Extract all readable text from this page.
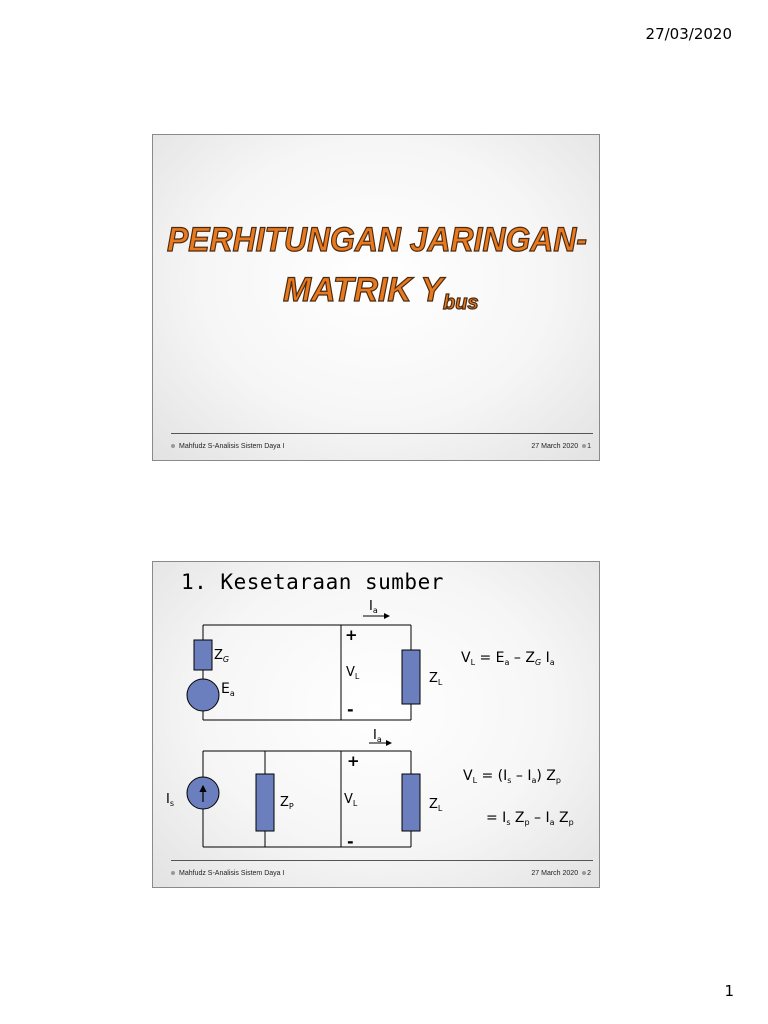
27/03/2020
PERHITUNGAN JARINGAN-
MATRIK Y
bus
Mahfudz S-Analisis Sistem Daya I	27 March 2020 1
1. Kesetaraan sumber
$I_a$
$Z_G$
$E_a$
+
-
$V_L$	$Z_L$
$V_L = E_a - Z_G$ $I_a$
$I_a$
$I_s$	$Z_P$
+
-
$V_L$	$Z_L$
$V_L = (I_s - I_a)$ $Z_p$
= $I_s$ $Z_p - I_a$ $Z_p$
Mahfudz S-Analisis Sistem Daya I	27 March 2020 2
1
